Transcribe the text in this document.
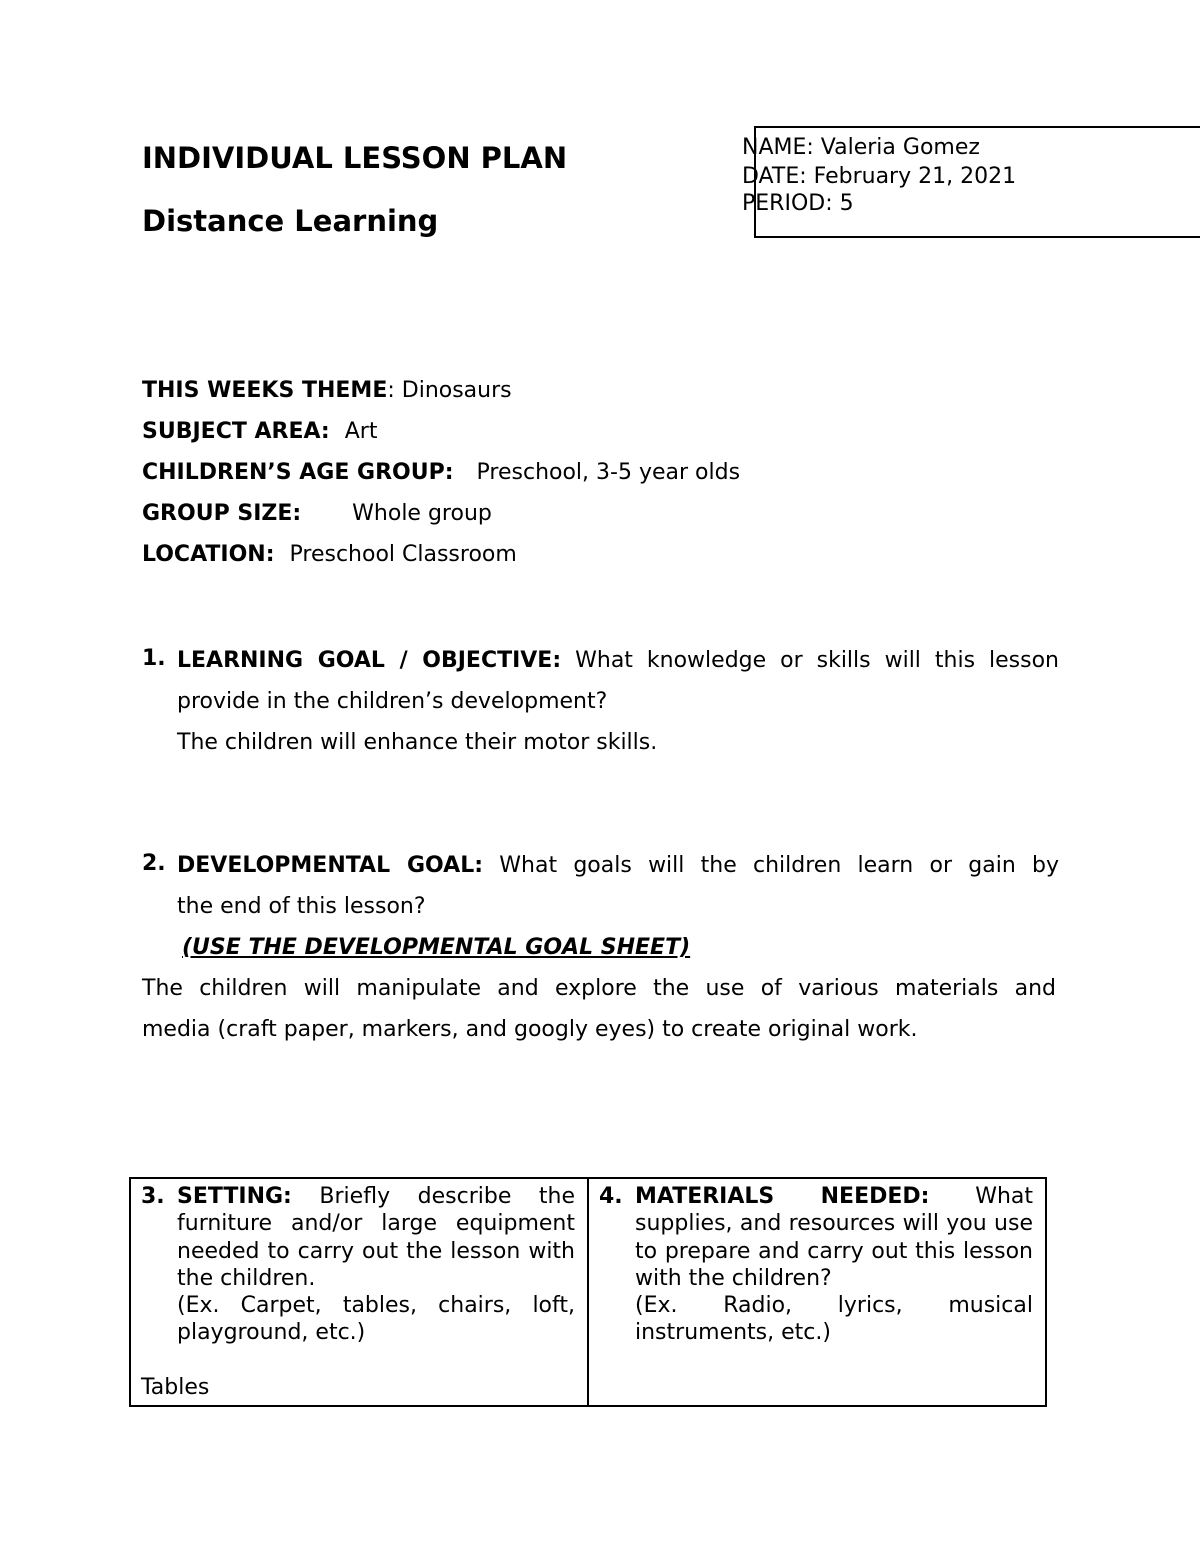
INDIVIDUAL LESSON PLAN
Distance Learning
NAME: Valeria Gomez
DATE: February 21, 2021
PERIOD: 5
THIS WEEKS THEME: Dinosaurs
SUBJECT AREA: Art
CHILDREN’S AGE GROUP: Preschool, 3-5 year olds
GROUP SIZE: Whole group
LOCATION: Preschool Classroom
1. LEARNING GOAL / OBJECTIVE: What knowledge or skills will this lesson
provide in the children’s development?
The children will enhance their motor skills.
2. DEVELOPMENTAL GOAL: What goals will the children learn or gain by
the end of this lesson?
(USE THE DEVELOPMENTAL GOAL SHEET)
The children will manipulate and explore the use of various materials and
media (craft paper, markers, and googly eyes) to create original work.
3. SETTING: Briefly describe the furniture and/or large equipment needed to carry out the lesson with the children.
(Ex. Carpet, tables, chairs, loft, playground, etc.)
Tables
	4. MATERIALS NEEDED: What supplies, and resources will you use to prepare and carry out this lesson with the children?
(Ex. Radio, lyrics, musical instruments, etc.)
